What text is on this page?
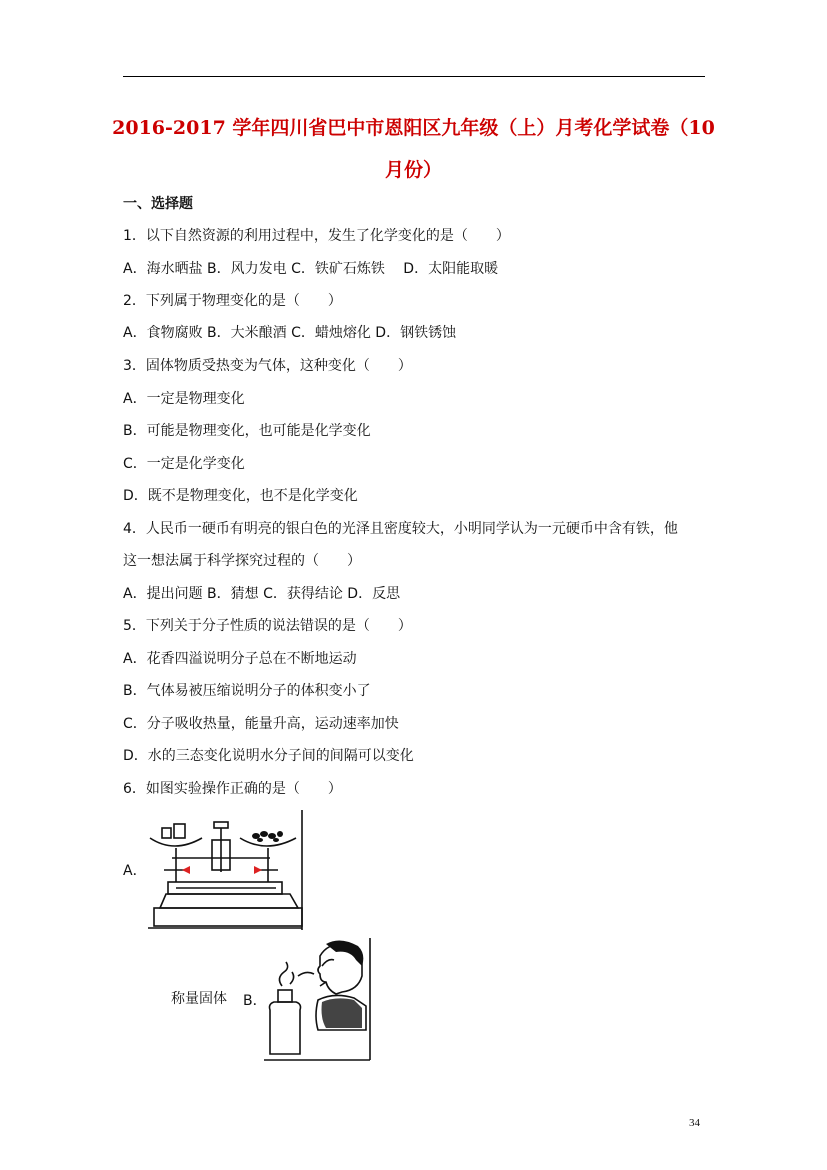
2016-2017 学年四川省巴中市恩阳区九年级（上）月考化学试卷（10
月份）
一、选择题
1．以下自然资源的利用过程中，发生了化学变化的是（　　）
A．海水晒盐 B．风力发电 C．铁矿石炼铁　 D．太阳能取暖
2．下列属于物理变化的是（　　）
A．食物腐败 B．大米酿酒 C．蜡烛熔化 D．钢铁锈蚀
3．固体物质受热变为气体，这种变化（　　）
A．一定是物理变化
B．可能是物理变化，也可能是化学变化
C．一定是化学变化
D．既不是物理变化，也不是化学变化
4．人民币一硬币有明亮的银白色的光泽且密度较大，小明同学认为一元硬币中含有铁，他
这一想法属于科学探究过程的（　　）
A．提出问题 B．猜想 C．获得结论 D．反思
5．下列关于分子性质的说法错误的是（　　）
A．花香四溢说明分子总在不断地运动
B．气体易被压缩说明分子的体积变小了
C．分子吸收热量，能量升高，运动速率加快
D．水的三态变化说明水分子间的间隔可以变化
6．如图实验操作正确的是（　　）
A．
称量固体 B．
34
